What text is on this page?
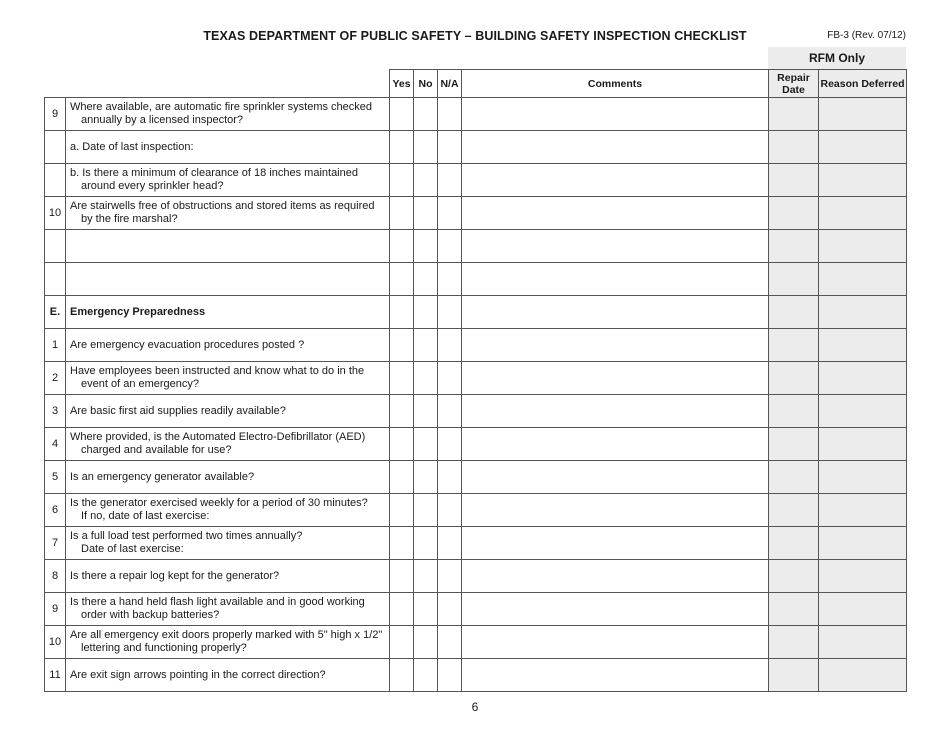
TEXAS DEPARTMENT OF PUBLIC SAFETY – BUILDING SAFETY INSPECTION CHECKLIST	FB-3 (Rev. 07/12)
RFM Only
		Yes	No	N/A	Comments	Repair Date	Reason Deferred
9	Where available, are automatic fire sprinkler systems checked
annually by a licensed inspector?						

	a. Date of last inspection:						

	b. Is there a minimum of clearance of 18 inches maintained
around every sprinkler head?						

10	Are stairwells free of obstructions and stored items as required
by the fire marshal?						

E.	Emergency Preparedness						

1	Are emergency evacuation procedures posted ?						

2	Have employees been instructed and know what to do in the
event of an emergency?						

3	Are basic first aid supplies readily available?						

4	Where provided, is the Automated Electro-Defibrillator (AED)
charged and available for use?						

5	Is an emergency generator available?						

6	Is the generator exercised weekly for a period of 30 minutes?
If no, date of last exercise:						

7	Is a full load test performed two times annually?
Date of last exercise:						

8	Is there a repair log kept for the generator?						

9	Is there a hand held flash light available and in good working
order with backup batteries?						

10	Are all emergency exit doors properly marked with 5" high x 1/2"
lettering and functioning properly?						

11	Are exit sign arrows pointing in the correct direction?						

6
